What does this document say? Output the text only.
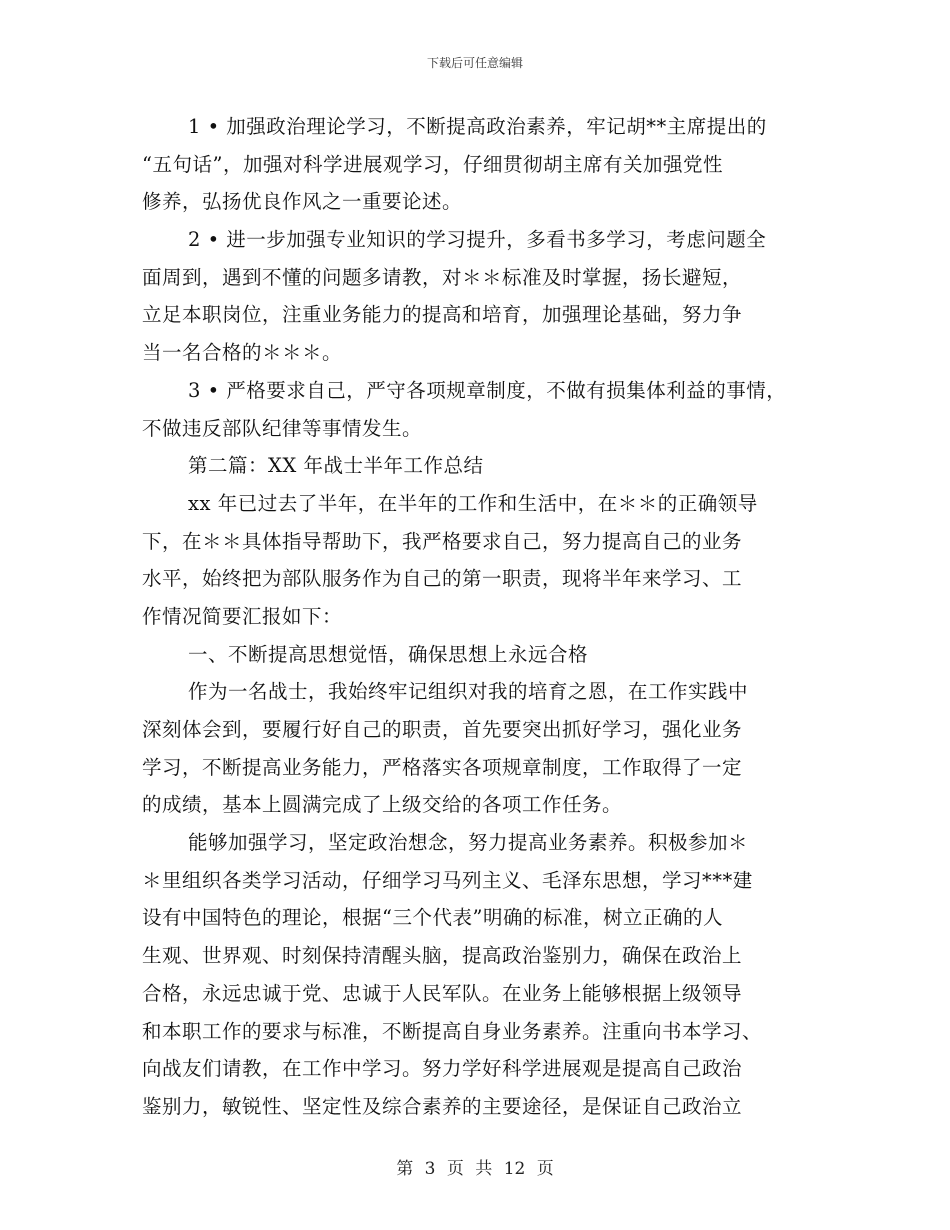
下载后可任意编辑
1 • 加强政治理论学习，不断提高政治素养，牢记胡**主席提出的
“五句话”，加强对科学进展观学习，仔细贯彻胡主席有关加强党性
修养，弘扬优良作风之一重要论述。
2 • 进一步加强专业知识的学习提升，多看书多学习，考虑问题全
面周到，遇到不懂的问题多请教，对＊＊标准及时掌握，扬长避短，
立足本职岗位，注重业务能力的提高和培育，加强理论基础，努力争
当一名合格的＊＊＊。
3 • 严格要求自己，严守各项规章制度，不做有损集体利益的事情，
不做违反部队纪律等事情发生。
第二篇：XX 年战士半年工作总结
xx 年已过去了半年，在半年的工作和生活中，在＊＊的正确领导
下，在＊＊具体指导帮助下，我严格要求自己，努力提高自己的业务
水平，始终把为部队服务作为自己的第一职责，现将半年来学习、工
作情况简要汇报如下：
一、不断提高思想觉悟，确保思想上永远合格
作为一名战士，我始终牢记组织对我的培育之恩，在工作实践中
深刻体会到，要履行好自己的职责，首先要突出抓好学习，强化业务
学习，不断提高业务能力，严格落实各项规章制度，工作取得了一定
的成绩，基本上圆满完成了上级交给的各项工作任务。
能够加强学习，坚定政治想念，努力提高业务素养。积极参加＊
＊里组织各类学习活动，仔细学习马列主义、毛泽东思想，学习***建
设有中国特色的理论，根据“三个代表”明确的标准，树立正确的人
生观、世界观、时刻保持清醒头脑，提高政治鉴别力，确保在政治上
合格，永远忠诚于党、忠诚于人民军队。在业务上能够根据上级领导
和本职工作的要求与标准，不断提高自身业务素养。注重向书本学习、
向战友们请教，在工作中学习。努力学好科学进展观是提高自己政治
鉴别力，敏锐性、坚定性及综合素养的主要途径，是保证自己政治立
第 3 页 共 12 页
